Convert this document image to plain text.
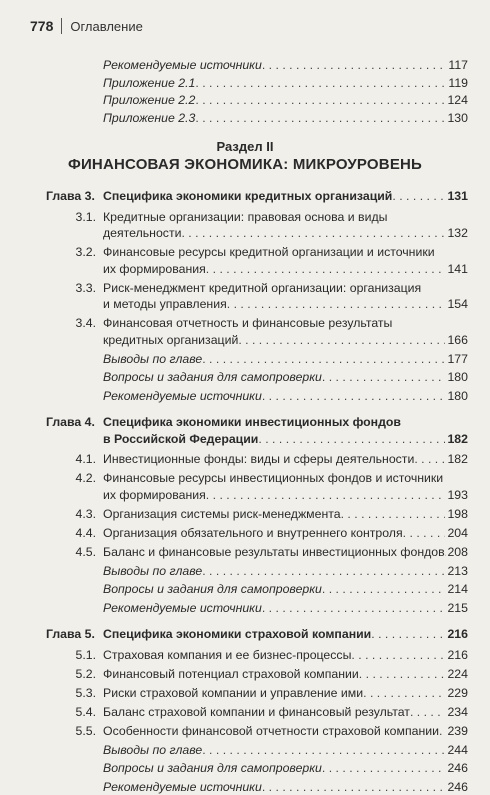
778 Оглавление
Раздел II
ФИНАНСОВАЯ ЭКОНОМИКА: МИКРОУРОВЕНЬ
Рекомендуемые источники . . .	117
Приложение 2.1 . . .	119
Приложение 2.2 . . .	124
Приложение 2.3 . . .	130
Глава 3. Специфика экономики кредитных организаций . . .	131
3.1. Кредитные организации: правовая основа и виды
деятельности . . .	132
3.2. Финансовые ресурсы кредитной организации и источники
их формирования . . .	141
3.3. Риск-менеджмент кредитной организации: организация
и методы управления . . .	154
3.4. Финансовая отчетность и финансовые результаты
кредитных организаций . . .	166
Выводы по главе . . .	177
Вопросы и задания для самопроверки . . .	180
Рекомендуемые источники . . .	180
Глава 4. Специфика экономики инвестиционных фондов
в Российской Федерации . . .	182
4.1. Инвестиционные фонды: виды и сферы деятельности . . .	182
4.2. Финансовые ресурсы инвестиционных фондов и источники
их формирования . . .	193
4.3. Организация системы риск-менеджмента . . .	198
4.4. Организация обязательного и внутреннего контроля . . .	204
4.5. Баланс и финансовые результаты инвестиционных фондов . . . 208
Выводы по главе . . .	213
Вопросы и задания для самопроверки . . .	214
Рекомендуемые источники . . .	215
Глава 5. Специфика экономики страховой компании . . .	216
5.1. Страховая компания и ее бизнес-процессы . . .	216
5.2. Финансовый потенциал страховой компании . . .	224
5.3. Риски страховой компании и управление ими . . .	229
5.4. Баланс страховой компании и финансовый результат . . .	234
5.5. Особенности финансовой отчетности страховой компании . . . 239
Выводы по главе . . .	244
Вопросы и задания для самопроверки . . .	246
Рекомендуемые источники . . .	246
